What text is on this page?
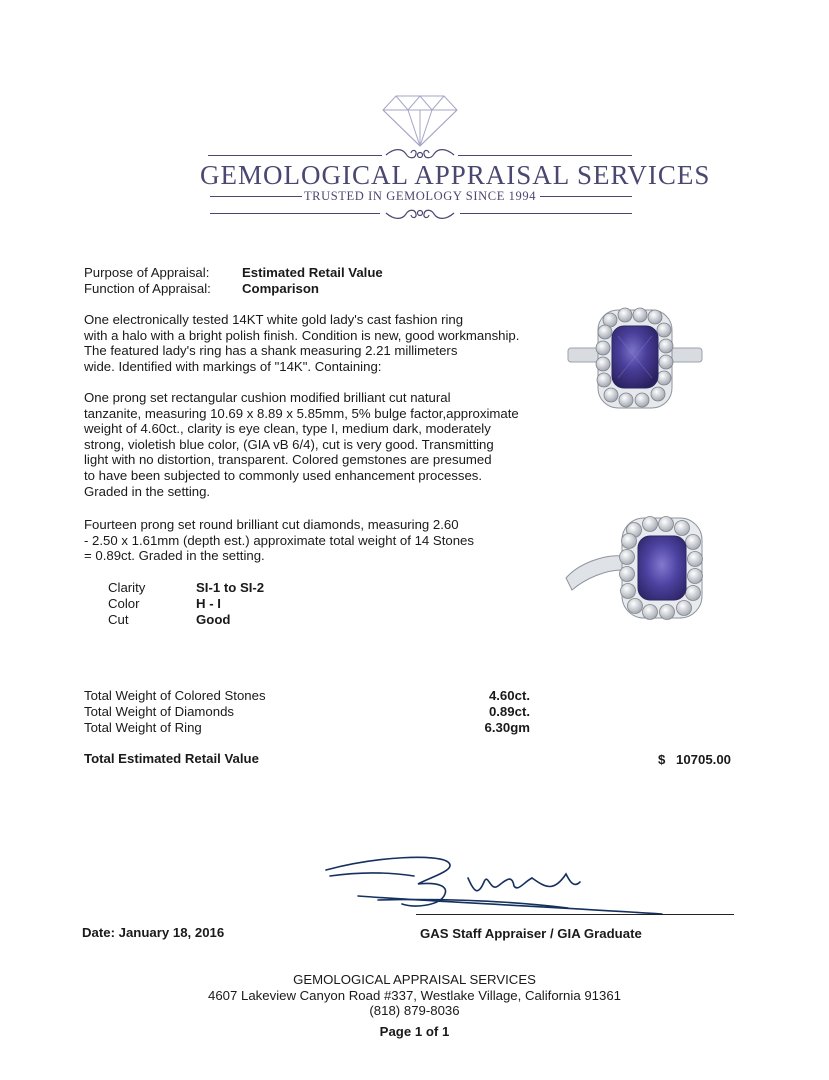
GEMOLOGICAL APPRAISAL SERVICES
TRUSTED IN GEMOLOGY SINCE 1994
Purpose of Appraisal: Estimated Retail Value
Function of Appraisal: Comparison
One electronically tested 14KT white gold lady's cast fashion ring
with a halo with a bright polish finish. Condition is new, good workmanship.
The featured lady's ring has a shank measuring 2.21 millimeters
wide. Identified with markings of "14K". Containing:
One prong set rectangular cushion modified brilliant cut natural
tanzanite, measuring 10.69 x 8.89 x 5.85mm, 5% bulge factor,approximate
weight of 4.60ct., clarity is eye clean, type I, medium dark, moderately
strong, violetish blue color, (GIA vB 6/4), cut is very good. Transmitting
light with no distortion, transparent. Colored gemstones are presumed
to have been subjected to commonly used enhancement processes.
Graded in the setting.
Fourteen prong set round brilliant cut diamonds, measuring 2.60
- 2.50 x 1.61mm (depth est.) approximate total weight of 14 Stones
= 0.89ct. Graded in the setting.
Clarity	SI-1 to SI-2
Color	H - I
Cut	Good
Total Weight of Colored Stones	4.60ct.
Total Weight of Diamonds	0.89ct.
Total Weight of Ring	6.30gm
Total Estimated Retail Value	$ 10705.00
Date: January 18, 2016	GAS Staff Appraiser / GIA Graduate
GEMOLOGICAL APPRAISAL SERVICES
4607 Lakeview Canyon Road #337, Westlake Village, California 91361
(818) 879-8036
Page 1 of 1
